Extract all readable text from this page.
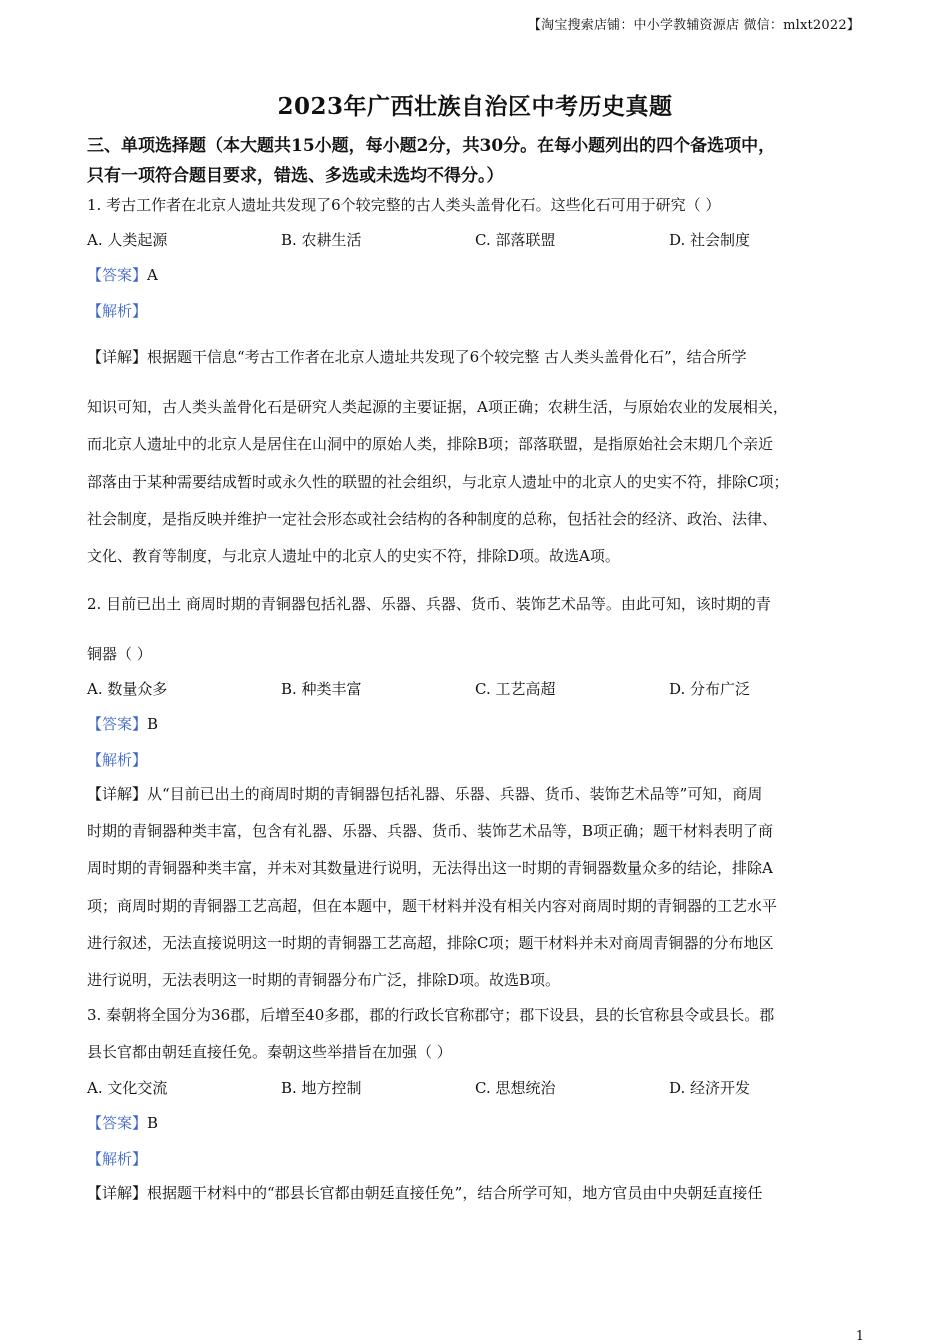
【淘宝搜索店铺：中小学教辅资源店 微信：mlxt2022】
2023年广西壮族自治区中考历史真题
三、单项选择题（本大题共15小题，每小题2分，共30分。在每小题列出的四个备选项中，
只有一项符合题目要求，错选、多选或未选均不得分。）
1. 考古工作者在北京人遗址共发现了6个较完整的古人类头盖骨化石。这些化石可用于研究（ ）
A. 人类起源	B. 农耕生活	C. 部落联盟	D. 社会制度
【答案】A
【解析】
【详解】根据题干信息“考古工作者在北京人遗址共发现了6个较完整 古人类头盖骨化石”，结合所学
知识可知，古人类头盖骨化石是研究人类起源的主要证据，A项正确；农耕生活，与原始农业的发展相关，
而北京人遗址中的北京人是居住在山洞中的原始人类，排除B项；部落联盟，是指原始社会末期几个亲近
部落由于某种需要结成暂时或永久性的联盟的社会组织，与北京人遗址中的北京人的史实不符，排除C项；
社会制度，是指反映并维护一定社会形态或社会结构的各种制度的总称，包括社会的经济、政治、法律、
文化、教育等制度，与北京人遗址中的北京人的史实不符，排除D项。故选A项。
2. 目前已出土 商周时期的青铜器包括礼器、乐器、兵器、货币、装饰艺术品等。由此可知，该时期的青
铜器（ ）
A. 数量众多	B. 种类丰富	C. 工艺高超	D. 分布广泛
【答案】B
【解析】
【详解】从“目前已出土的商周时期的青铜器包括礼器、乐器、兵器、货币、装饰艺术品等”可知，商周
时期的青铜器种类丰富，包含有礼器、乐器、兵器、货币、装饰艺术品等，B项正确；题干材料表明了商
周时期的青铜器种类丰富，并未对其数量进行说明，无法得出这一时期的青铜器数量众多的结论，排除A
项；商周时期的青铜器工艺高超，但在本题中，题干材料并没有相关内容对商周时期的青铜器的工艺水平
进行叙述，无法直接说明这一时期的青铜器工艺高超，排除C项；题干材料并未对商周青铜器的分布地区
进行说明，无法表明这一时期的青铜器分布广泛，排除D项。故选B项。
3. 秦朝将全国分为36郡，后增至40多郡，郡的行政长官称郡守；郡下设县，县的长官称县令或县长。郡
县长官都由朝廷直接任免。秦朝这些举措旨在加强（ ）
A. 文化交流	B. 地方控制	C. 思想统治	D. 经济开发
【答案】B
【解析】
【详解】根据题干材料中的“郡县长官都由朝廷直接任免”，结合所学可知，地方官员由中央朝廷直接任
1
